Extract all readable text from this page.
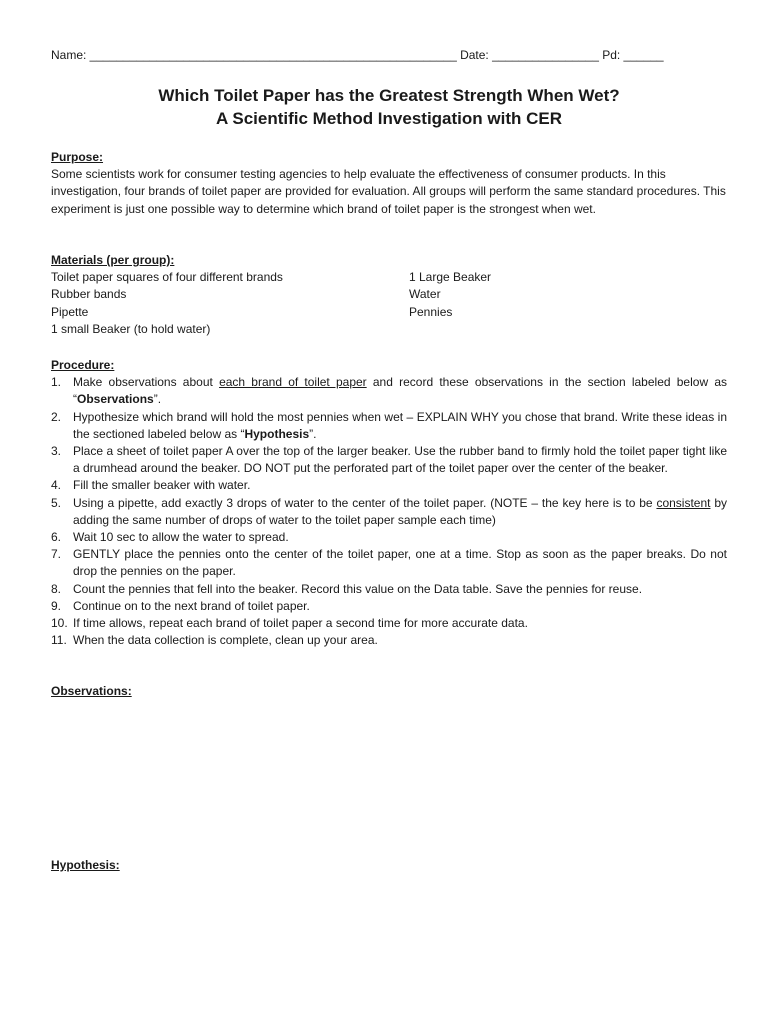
Name: _______________________________________________________ Date: ________________ Pd: ______
Which Toilet Paper has the Greatest Strength When Wet?
A Scientific Method Investigation with CER
Purpose:
Some scientists work for consumer testing agencies to help evaluate the effectiveness of consumer products. In this investigation, four brands of toilet paper are provided for evaluation. All groups will perform the same standard procedures. This experiment is just one possible way to determine which brand of toilet paper is the strongest when wet.
Materials (per group):
Toilet paper squares of four different brands
Rubber bands
Pipette
1 small Beaker (to hold water)
1 Large Beaker
Water
Pennies
Procedure:
1. Make observations about each brand of toilet paper and record these observations in the section labeled below as “Observations”.
2. Hypothesize which brand will hold the most pennies when wet – EXPLAIN WHY you chose that brand. Write these ideas in the sectioned labeled below as “Hypothesis”.
3. Place a sheet of toilet paper A over the top of the larger beaker. Use the rubber band to firmly hold the toilet paper tight like a drumhead around the beaker. DO NOT put the perforated part of the toilet paper over the center of the beaker.
4. Fill the smaller beaker with water.
5. Using a pipette, add exactly 3 drops of water to the center of the toilet paper. (NOTE – the key here is to be consistent by adding the same number of drops of water to the toilet paper sample each time)
6. Wait 10 sec to allow the water to spread.
7. GENTLY place the pennies onto the center of the toilet paper, one at a time. Stop as soon as the paper breaks. Do not drop the pennies on the paper.
8. Count the pennies that fell into the beaker. Record this value on the Data table. Save the pennies for reuse.
9. Continue on to the next brand of toilet paper.
10. If time allows, repeat each brand of toilet paper a second time for more accurate data.
11. When the data collection is complete, clean up your area.
Observations:
Hypothesis:
